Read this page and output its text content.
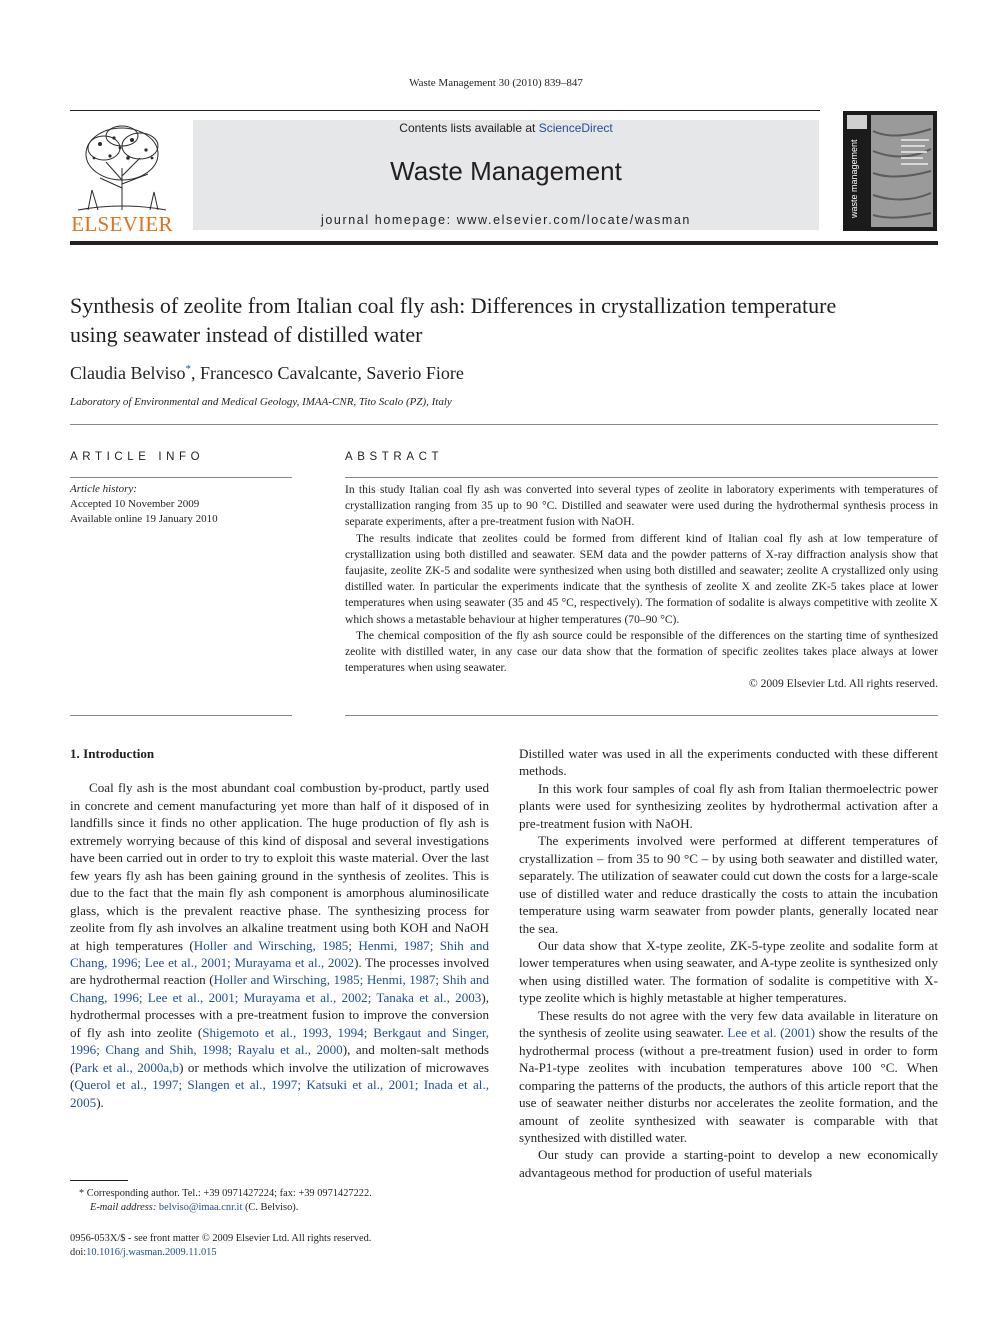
Waste Management 30 (2010) 839–847
ELSEVIER
Contents lists available at ScienceDirect
Waste Management
journal homepage: www.elsevier.com/locate/wasman
waste management
Synthesis of zeolite from Italian coal fly ash: Differences in crystallization temperature using seawater instead of distilled water
Claudia Belviso*, Francesco Cavalcante, Saverio Fiore
Laboratory of Environmental and Medical Geology, IMAA-CNR, Tito Scalo (PZ), Italy
ARTICLE INFO	ABSTRACT
Article history:
Accepted 10 November 2009
Available online 19 January 2010

In this study Italian coal fly ash was converted into several types of zeolite in laboratory experiments with temperatures of crystallization ranging from 35 up to 90 °C. Distilled and seawater were used during the hydrothermal synthesis process in separate experiments, after a pre-treatment fusion with NaOH.

The results indicate that zeolites could be formed from different kind of Italian coal fly ash at low temperature of crystallization using both distilled and seawater. SEM data and the powder patterns of X-ray diffraction analysis show that faujasite, zeolite ZK-5 and sodalite were synthesized when using both distilled and seawater; zeolite A crystallized only using distilled water. In particular the experiments indicate that the synthesis of zeolite X and zeolite ZK-5 takes place at lower temperatures when using seawater (35 and 45 °C, respectively). The formation of sodalite is always competitive with zeolite X which shows a metastable behaviour at higher temperatures (70–90 °C).

The chemical composition of the fly ash source could be responsible of the differences on the starting time of synthesized zeolite with distilled water, in any case our data show that the formation of specific zeolites takes place always at lower temperatures when using seawater.

© 2009 Elsevier Ltd. All rights reserved.

1. Introduction

Coal fly ash is the most abundant coal combustion by-product, partly used in concrete and cement manufacturing yet more than half of it disposed of in landfills since it finds no other application. The huge production of fly ash is extremely worrying because of this kind of disposal and several investigations have been carried out in order to try to exploit this waste material. Over the last few years fly ash has been gaining ground in the synthesis of zeolites. This is due to the fact that the main fly ash component is amorphous aluminosilicate glass, which is the prevalent reactive phase. The synthesizing process for zeolite from fly ash involves an alkaline treatment using both KOH and NaOH at high temperatures (Holler and Wirsching, 1985; Henmi, 1987; Shih and Chang, 1996; Lee et al., 2001; Murayama et al., 2002). The processes involved are hydrothermal reaction (Holler and Wirsching, 1985; Henmi, 1987; Shih and Chang, 1996; Lee et al., 2001; Murayama et al., 2002; Tanaka et al., 2003), hydrothermal processes with a pre-treatment fusion to improve the conversion of fly ash into zeolite (Shigemoto et al., 1993, 1994; Berkgaut and Singer, 1996; Chang and Shih, 1998; Rayalu et al., 2000), and molten-salt methods (Park et al., 2000a,b) or methods which involve the utilization of microwaves (Querol et al., 1997; Slangen et al., 1997; Katsuki et al., 2001; Inada et al., 2005).

Distilled water was used in all the experiments conducted with these different methods.

In this work four samples of coal fly ash from Italian thermoelectric power plants were used for synthesizing zeolites by hydrothermal activation after a pre-treatment fusion with NaOH.

The experiments involved were performed at different temperatures of crystallization – from 35 to 90 °C – by using both seawater and distilled water, separately. The utilization of seawater could cut down the costs for a large-scale use of distilled water and reduce drastically the costs to attain the incubation temperature using warm seawater from powder plants, generally located near the sea.

Our data show that X-type zeolite, ZK-5-type zeolite and sodalite form at lower temperatures when using seawater, and A-type zeolite is synthesized only when using distilled water. The formation of sodalite is competitive with X-type zeolite which is highly metastable at higher temperatures.

These results do not agree with the very few data available in literature on the synthesis of zeolite using seawater. Lee et al. (2001) show the results of the hydrothermal process (without a pre-treatment fusion) used in order to form Na-P1-type zeolites with incubation temperatures above 100 °C. When comparing the patterns of the products, the authors of this article report that the use of seawater neither disturbs nor accelerates the zeolite formation, and the amount of zeolite synthesized with seawater is comparable with that synthesized with distilled water.

Our study can provide a starting-point to develop a new economically advantageous method for production of useful materials

* Corresponding author. Tel.: +39 0971427224; fax: +39 0971427222.
E-mail address: belviso@imaa.cnr.it (C. Belviso).
0956-053X/$ - see front matter © 2009 Elsevier Ltd. All rights reserved.
doi:10.1016/j.wasman.2009.11.015
